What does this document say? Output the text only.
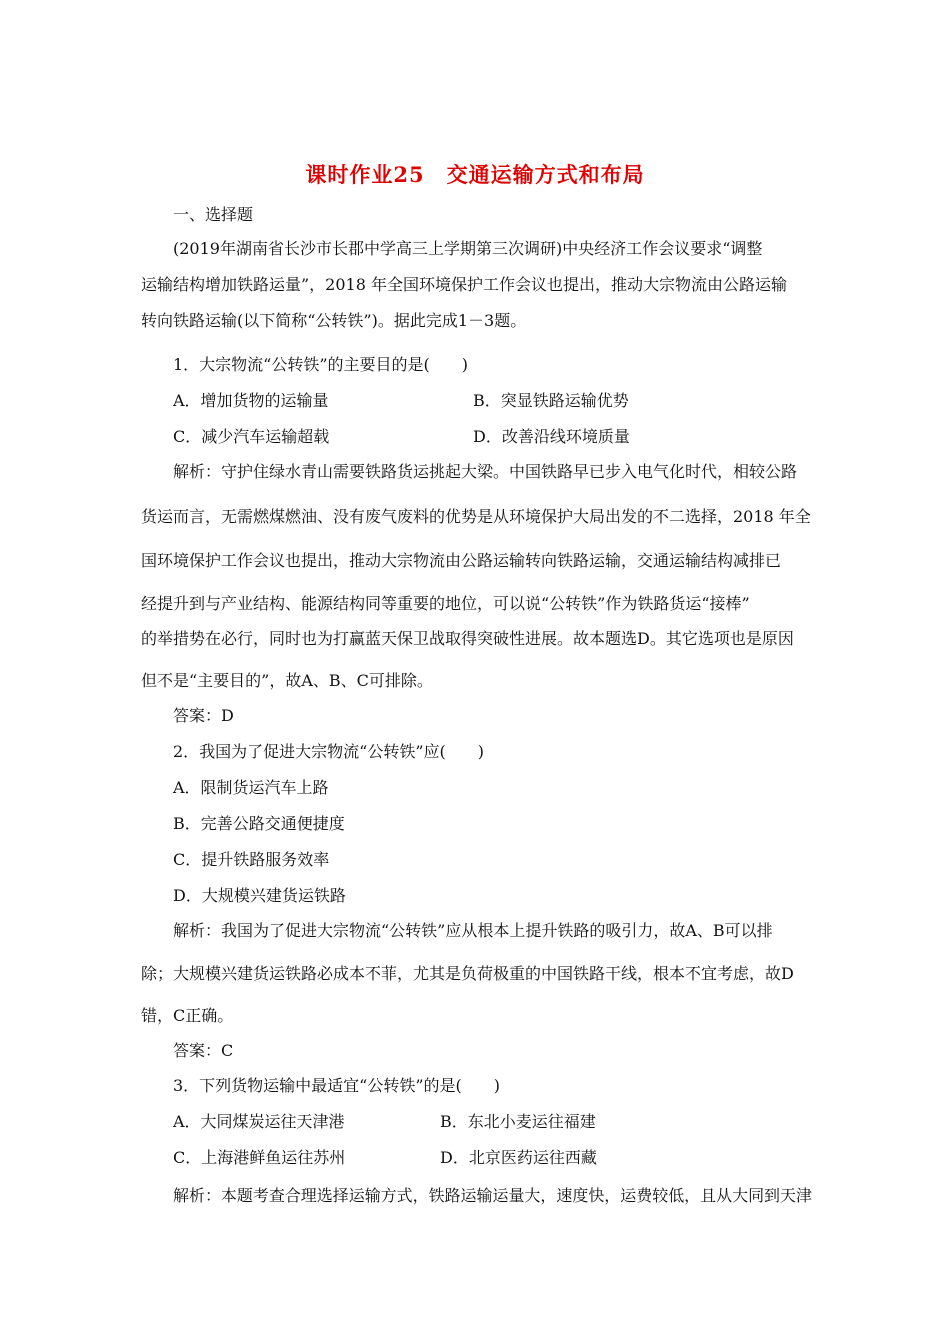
课时作业25　交通运输方式和布局
一、选择题
(2019年湖南省长沙市长郡中学高三上学期第三次调研)中央经济工作会议要求“调整
运输结构增加铁路运量”，2018 年全国环境保护工作会议也提出，推动大宗物流由公路运输
转向铁路运输(以下简称“公转铁”)。据此完成1－3题。
1．大宗物流“公转铁”的主要目的是(　　)
A．增加货物的运输量	B．突显铁路运输优势
C．减少汽车运输超载	D．改善沿线环境质量
解析：守护住绿水青山需要铁路货运挑起大梁。中国铁路早已步入电气化时代，相较公路
货运而言，无需燃煤燃油、没有废气废料的优势是从环境保护大局出发的不二选择，2018 年全
国环境保护工作会议也提出，推动大宗物流由公路运输转向铁路运输，交通运输结构减排已
经提升到与产业结构、能源结构同等重要的地位，可以说“公转铁”作为铁路货运“接棒”
的举措势在必行，同时也为打赢蓝天保卫战取得突破性进展。故本题选D。其它选项也是原因
但不是“主要目的”，故A、B、C可排除。
答案：D
2．我国为了促进大宗物流“公转铁”应(　　)
A．限制货运汽车上路
B．完善公路交通便捷度
C．提升铁路服务效率
D．大规模兴建货运铁路
解析：我国为了促进大宗物流“公转铁”应从根本上提升铁路的吸引力，故A、B可以排
除；大规模兴建货运铁路必成本不菲，尤其是负荷极重的中国铁路干线，根本不宜考虑，故D
错，C正确。
答案：C
3．下列货物运输中最适宜“公转铁”的是(　　)
A．大同煤炭运往天津港	B．东北小麦运往福建
C．上海港鲜鱼运往苏州	D．北京医药运往西藏
解析：本题考查合理选择运输方式，铁路运输运量大，速度快，运费较低，且从大同到天津
